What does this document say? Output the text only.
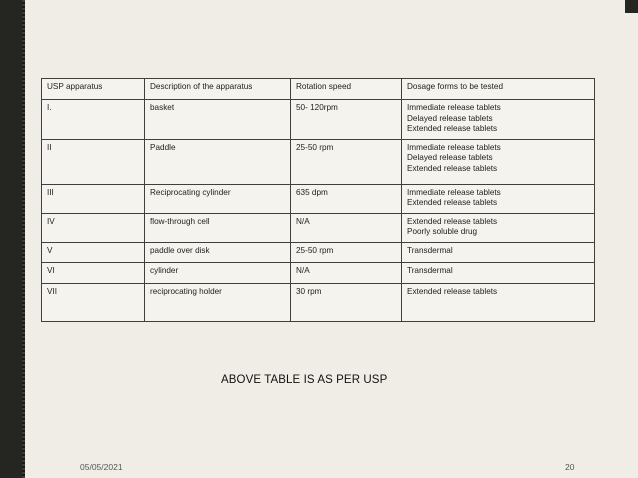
USP apparatus	Description of the apparatus	Rotation speed	Dosage forms to be tested
I.	basket	50- 120rpm	Immediate release tablets
Delayed release tablets
Extended release tablets

II	Paddle	25-50 rpm	Immediate release tablets
Delayed release tablets
Extended release tablets

III	Reciprocating cylinder	635 dpm	Immediate release tablets
Extended release tablets

IV	flow-through cell	N/A	Extended release tablets
Poorly soluble drug

V	paddle over disk	25-50 rpm	Transdermal

VI	cylinder	N/A	Transdermal

VII	reciprocating holder	30 rpm	Extended release tablets
ABOVE TABLE IS AS PER USP
05/05/2021	20
